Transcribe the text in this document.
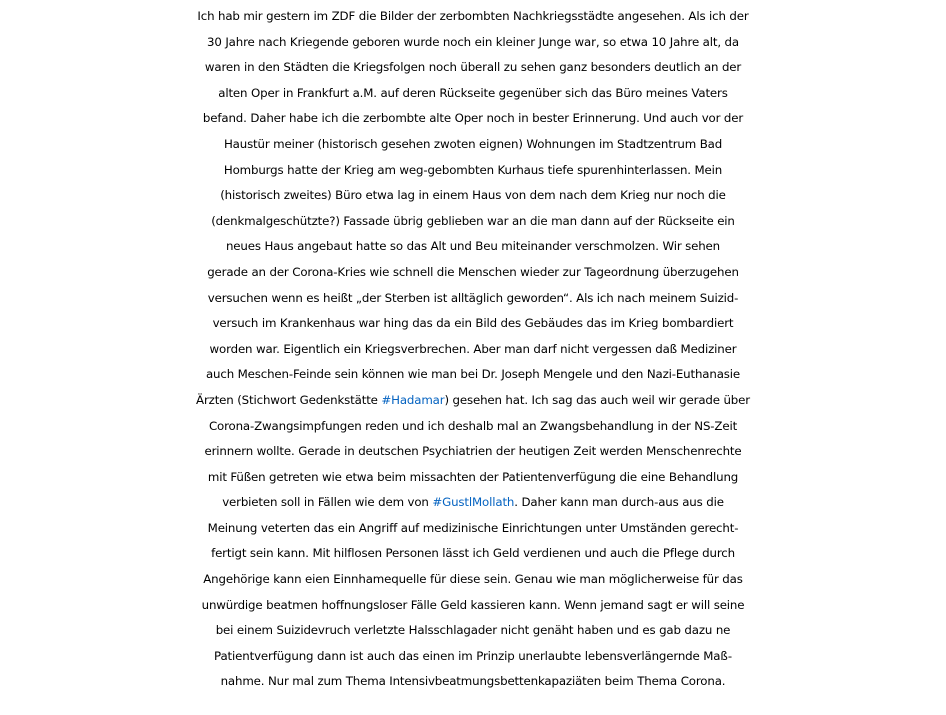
Ich hab mir gestern im ZDF die Bilder der zerbombten Nachkriegsstädte angesehen. Als ich der
30 Jahre nach Kriegende geboren wurde noch ein kleiner Junge war, so etwa 10 Jahre alt, da
waren in den Städten die Kriegsfolgen noch überall zu sehen ganz besonders deutlich an der
alten Oper in Frankfurt a.M. auf deren Rückseite gegenüber sich das Büro meines Vaters
befand. Daher habe ich die zerbombte alte Oper noch in bester Erinnerung. Und auch vor der
Haustür meiner (historisch gesehen zwoten eignen) Wohnungen im Stadtzentrum Bad
Homburgs hatte der Krieg am weg-gebombten Kurhaus tiefe spurenhinterlassen. Mein
(historisch zweites) Büro etwa lag in einem Haus von dem nach dem Krieg nur noch die
(denkmalgeschützte?) Fassade übrig geblieben war an die man dann auf der Rückseite ein
neues Haus angebaut hatte so das Alt und Beu miteinander verschmolzen. Wir sehen
gerade an der Corona-Kries wie schnell die Menschen wieder zur Tageordnung überzugehen
versuchen wenn es heißt „der Sterben ist alltäglich geworden“. Als ich nach meinem Suizid-
versuch im Krankenhaus war hing das da ein Bild des Gebäudes das im Krieg bombardiert
worden war. Eigentlich ein Kriegsverbrechen. Aber man darf nicht vergessen daß Mediziner
auch Meschen-Feinde sein können wie man bei Dr. Joseph Mengele und den Nazi-Euthanasie
Ärzten (Stichwort Gedenkstätte #Hadamar) gesehen hat. Ich sag das auch weil wir gerade über
Corona-Zwangsimpfungen reden und ich deshalb mal an Zwangsbehandlung in der NS-Zeit
erinnern wollte. Gerade in deutschen Psychiatrien der heutigen Zeit werden Menschenrechte
mit Füßen getreten wie etwa beim missachten der Patientenverfügung die eine Behandlung
verbieten soll in Fällen wie dem von #GustlMollath. Daher kann man durch-aus aus die
Meinung veterten das ein Angriff auf medizinische Einrichtungen unter Umständen gerecht-
fertigt sein kann. Mit hilflosen Personen lässt ich Geld verdienen und auch die Pflege durch
Angehörige kann eien Einnhamequelle für diese sein. Genau wie man möglicherweise für das
unwürdige beatmen hoffnungsloser Fälle Geld kassieren kann. Wenn jemand sagt er will seine
bei einem Suizidevruch verletzte Halsschlagader nicht genäht haben und es gab dazu ne
Patientverfügung dann ist auch das einen im Prinzip unerlaubte lebensverlängernde Maß-
nahme. Nur mal zum Thema Intensivbeatmungsbettenkapaziäten beim Thema Corona.
